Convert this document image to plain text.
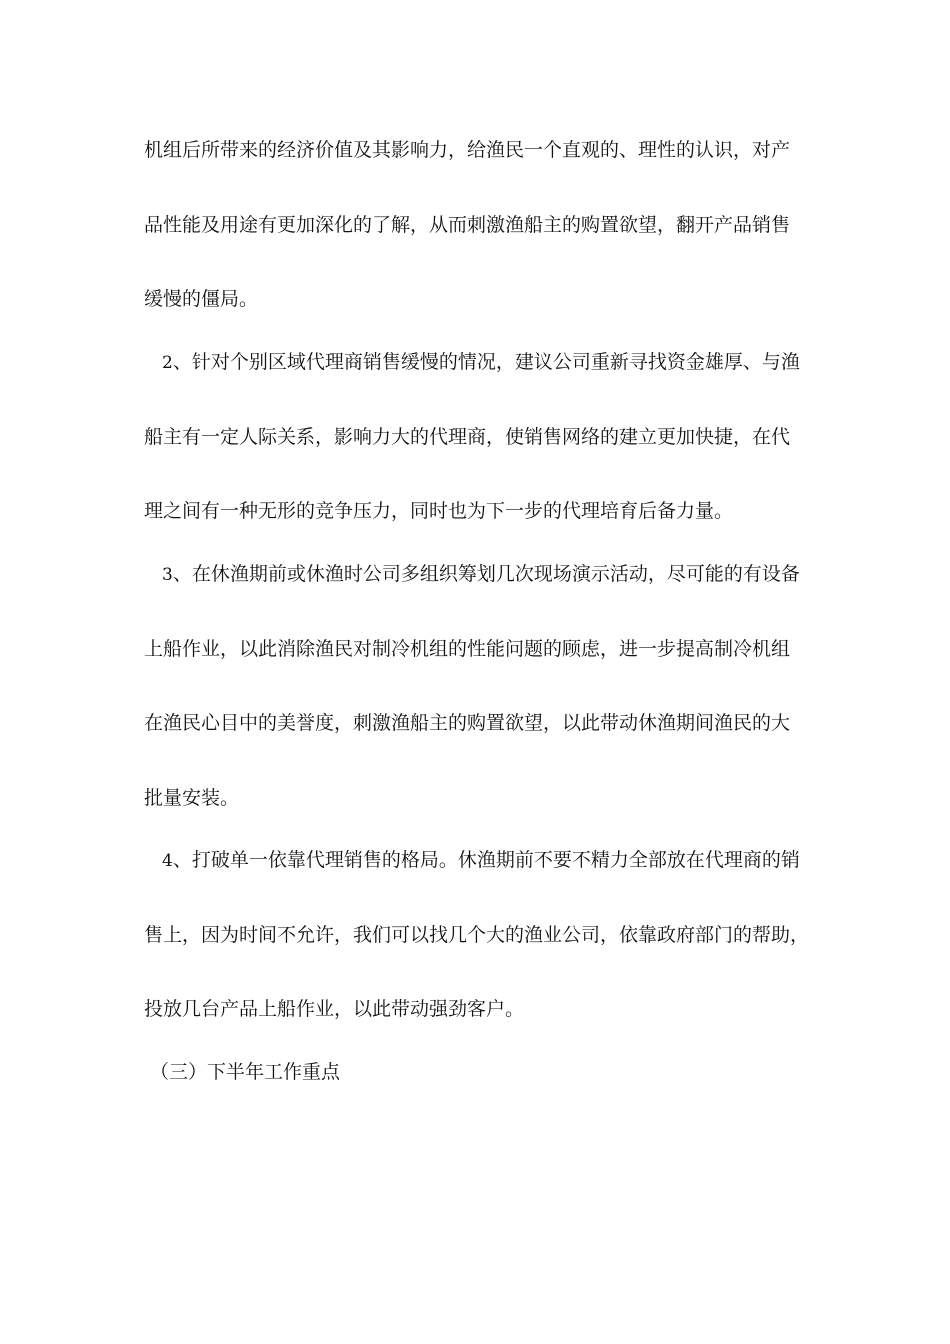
机组后所带来的经济价值及其影响力，给渔民一个直观的、理性的认识，对产
品性能及用途有更加深化的了解，从而刺激渔船主的购置欲望，翻开产品销售
缓慢的僵局。
2、针对个别区域代理商销售缓慢的情况，建议公司重新寻找资金雄厚、与渔
船主有一定人际关系，影响力大的代理商，使销售网络的建立更加快捷，在代
理之间有一种无形的竞争压力，同时也为下一步的代理培育后备力量。
3、在休渔期前或休渔时公司多组织筹划几次现场演示活动，尽可能的有设备
上船作业，以此消除渔民对制冷机组的性能问题的顾虑，进一步提高制冷机组
在渔民心目中的美誉度，刺激渔船主的购置欲望，以此带动休渔期间渔民的大
批量安装。
4、打破单一依靠代理销售的格局。休渔期前不要不精力全部放在代理商的销
售上，因为时间不允许，我们可以找几个大的渔业公司，依靠政府部门的帮助，
投放几台产品上船作业，以此带动强劲客户。
（三）下半年工作重点
